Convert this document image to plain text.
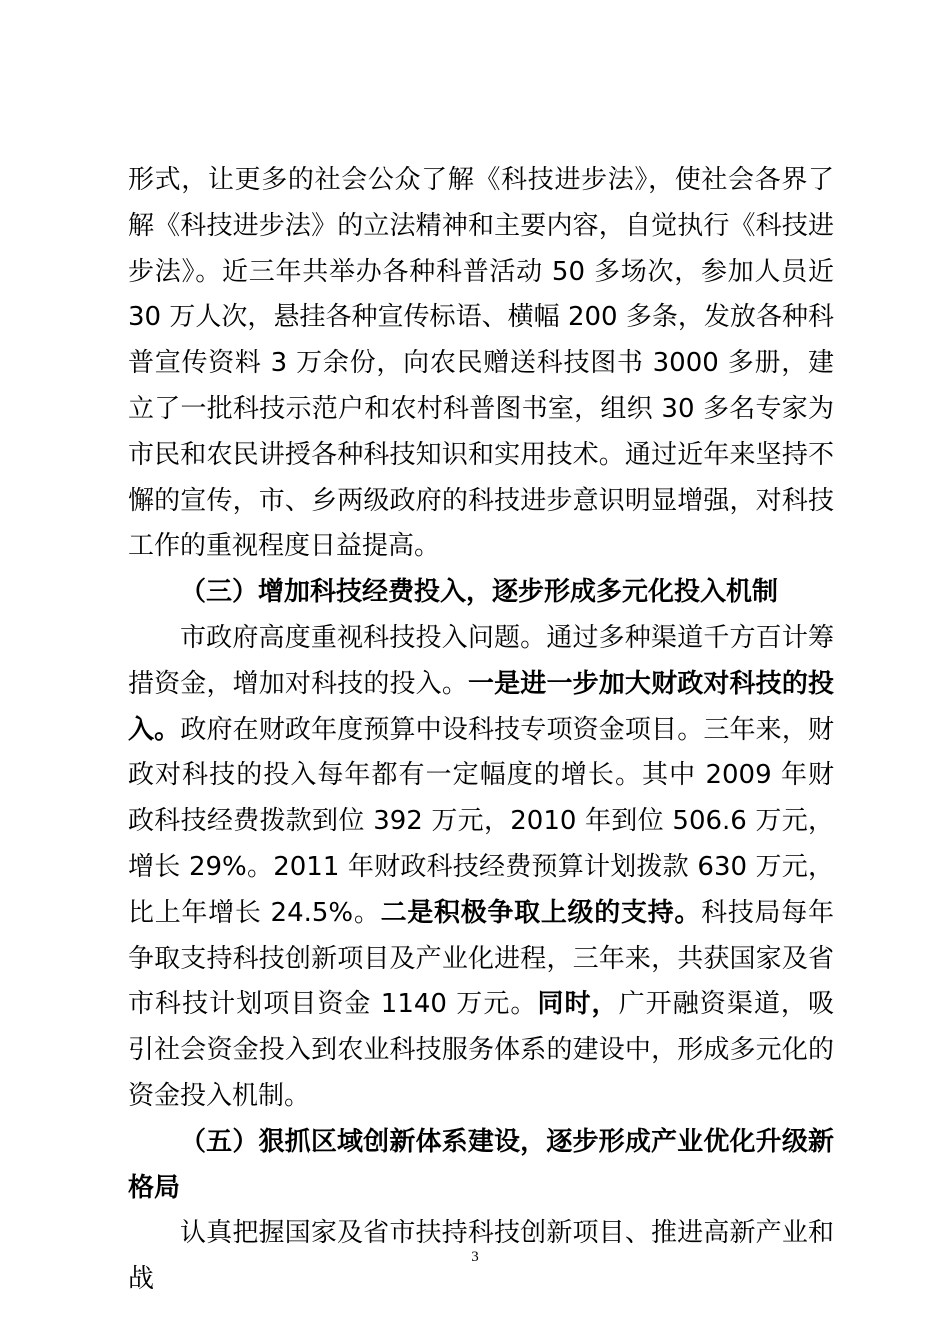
形式，让更多的社会公众了解《科技进步法》，使社会各界了解《科技进步法》的立法精神和主要内容，自觉执行《科技进步法》。近三年共举办各种科普活动 50 多场次，参加人员近 30 万人次，悬挂各种宣传标语、横幅 200 多条，发放各种科普宣传资料 3 万余份，向农民赠送科技图书 3000 多册，建立了一批科技示范户和农村科普图书室，组织 30 多名专家为市民和农民讲授各种科技知识和实用技术。通过近年来坚持不懈的宣传，市、乡两级政府的科技进步意识明显增强，对科技工作的重视程度日益提高。

（三）增加科技经费投入，逐步形成多元化投入机制

市政府高度重视科技投入问题。通过多种渠道千方百计筹措资金，增加对科技的投入。一是进一步加大财政对科技的投入。政府在财政年度预算中设科技专项资金项目。三年来，财政对科技的投入每年都有一定幅度的增长。其中 2009 年财政科技经费拨款到位 392 万元，2010 年到位 506.6 万元，增长 29%。2011 年财政科技经费预算计划拨款 630 万元，比上年增长 24.5%。二是积极争取上级的支持。科技局每年争取支持科技创新项目及产业化进程，三年来，共获国家及省市科技计划项目资金 1140 万元。同时，广开融资渠道，吸引社会资金投入到农业科技服务体系的建设中，形成多元化的资金投入机制。

（五）狠抓区域创新体系建设，逐步形成产业优化升级新格局

认真把握国家及省市扶持科技创新项目、推进高新产业和战

3
